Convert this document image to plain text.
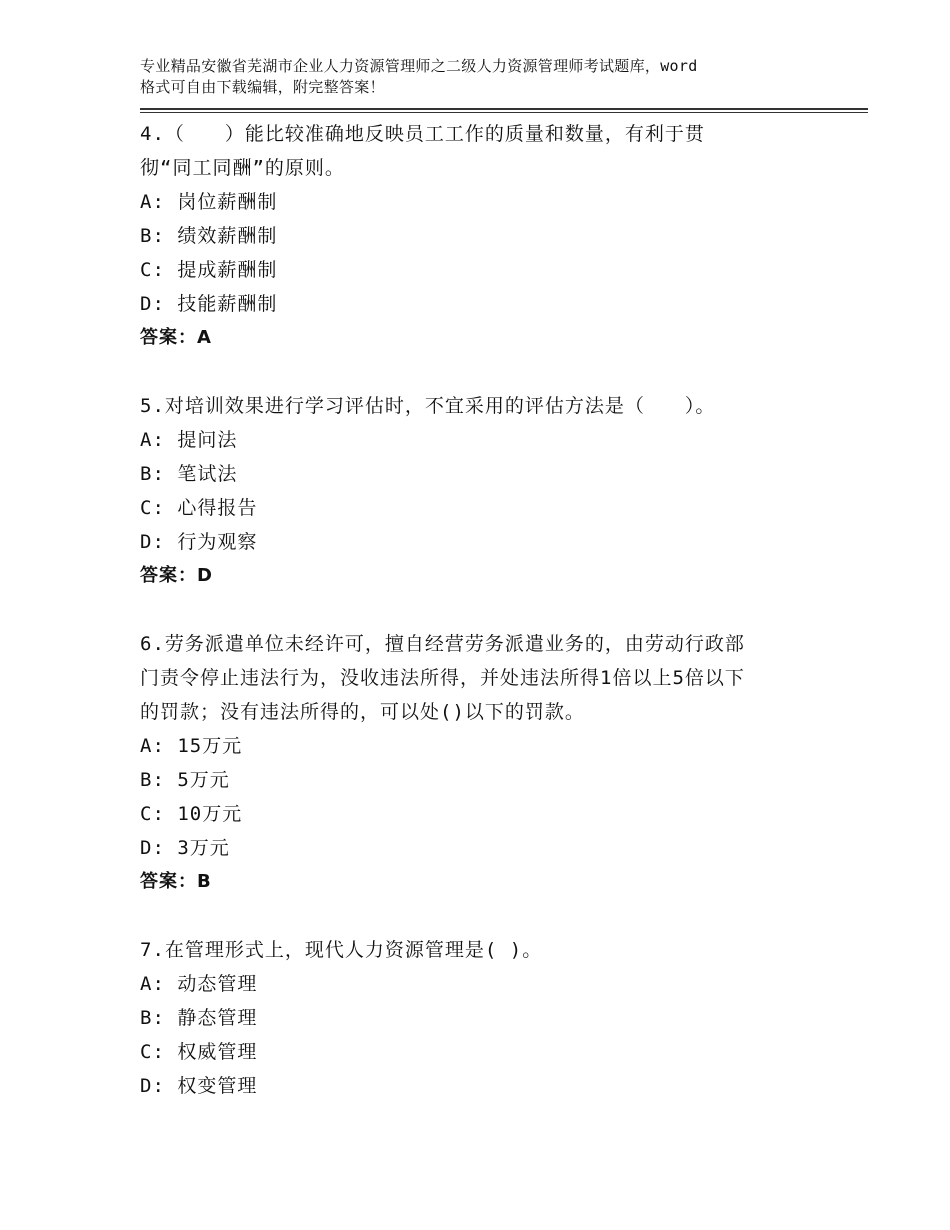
专业精品安徽省芜湖市企业人力资源管理师之二级人力资源管理师考试题库，word
格式可自由下载编辑，附完整答案！

4.（　　）能比较准确地反映员工工作的质量和数量，有利于贯

彻“同工同酬”的原则。

A: 岗位薪酬制

B: 绩效薪酬制

C: 提成薪酬制

D: 技能薪酬制

答案：A

5.对培训效果进行学习评估时，不宜采用的评估方法是（　　）。

A: 提问法

B: 笔试法

C: 心得报告

D: 行为观察

答案：D

6.劳务派遣单位未经许可，擅自经营劳务派遣业务的，由劳动行政部

门责令停止违法行为，没收违法所得，并处违法所得1倍以上5倍以下

的罚款；没有违法所得的，可以处()以下的罚款。

A: 15万元

B: 5万元

C: 10万元

D: 3万元

答案：B

7.在管理形式上，现代人力资源管理是( )。

A: 动态管理

B: 静态管理

C: 权威管理

D: 权变管理
